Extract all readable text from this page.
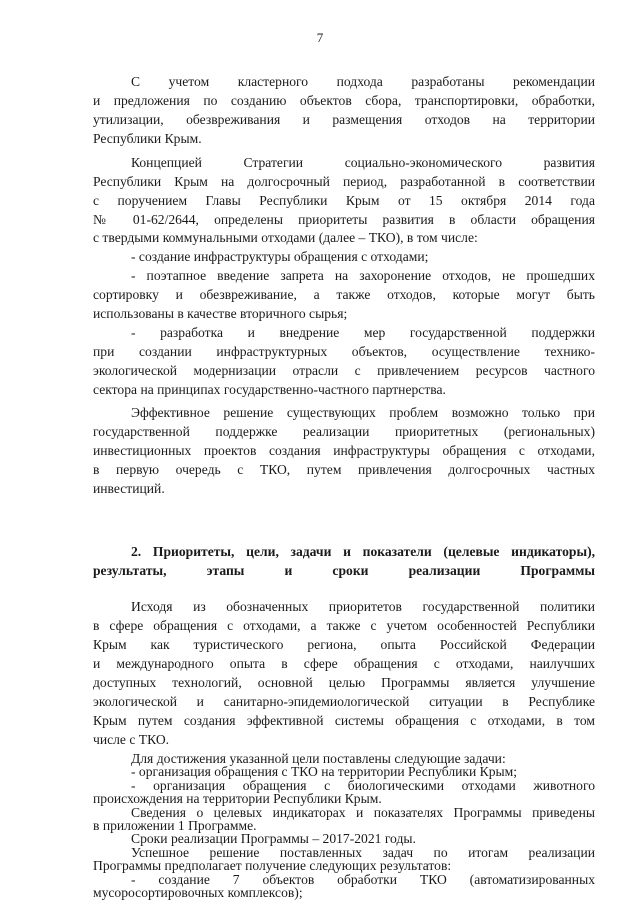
7
С учетом кластерного подхода разработаны рекомендации
и предложения по созданию объектов сбора, транспортировки, обработки,
утилизации, обезвреживания и размещения отходов на территории
Республики Крым.
Концепцией Стратегии социально-экономического развития
Республики Крым на долгосрочный период, разработанной в соответствии
с поручением Главы Республики Крым от 15 октября 2014 года
№ 01-62/2644, определены приоритеты развития в области обращения
с твердыми коммунальными отходами (далее – ТКО), в том числе:
- создание инфраструктуры обращения с отходами;
- поэтапное введение запрета на захоронение отходов, не прошедших
сортировку и обезвреживание, а также отходов, которые могут быть
использованы в качестве вторичного сырья;
- разработка и внедрение мер государственной поддержки
при создании инфраструктурных объектов, осуществление технико-
экологической модернизации отрасли с привлечением ресурсов частного
сектора на принципах государственно-частного партнерства.
Эффективное решение существующих проблем возможно только при
государственной поддержке реализации приоритетных (региональных)
инвестиционных проектов создания инфраструктуры обращения с отходами,
в первую очередь с ТКО, путем привлечения долгосрочных частных
инвестиций.
2. Приоритеты, цели, задачи и показатели (целевые индикаторы),
результаты, этапы и сроки реализации Программы
Исходя из обозначенных приоритетов государственной политики
в сфере обращения с отходами, а также с учетом особенностей Республики
Крым как туристического региона, опыта Российской Федерации
и международного опыта в сфере обращения с отходами, наилучших
доступных технологий, основной целью Программы является улучшение
экологической и санитарно-эпидемиологической ситуации в Республике
Крым путем создания эффективной системы обращения с отходами, в том
числе с ТКО.
Для достижения указанной цели поставлены следующие задачи:
- организация обращения с ТКО на территории Республики Крым;
- организация обращения с биологическими отходами животного
происхождения на территории Республики Крым.
Сведения о целевых индикаторах и показателях Программы приведены
в приложении 1 Программе.
Сроки реализации Программы – 2017-2021 годы.
Успешное решение поставленных задач по итогам реализации
Программы предполагает получение следующих результатов:
- создание 7 объектов обработки ТКО (автоматизированных
мусоросортировочных комплексов);
